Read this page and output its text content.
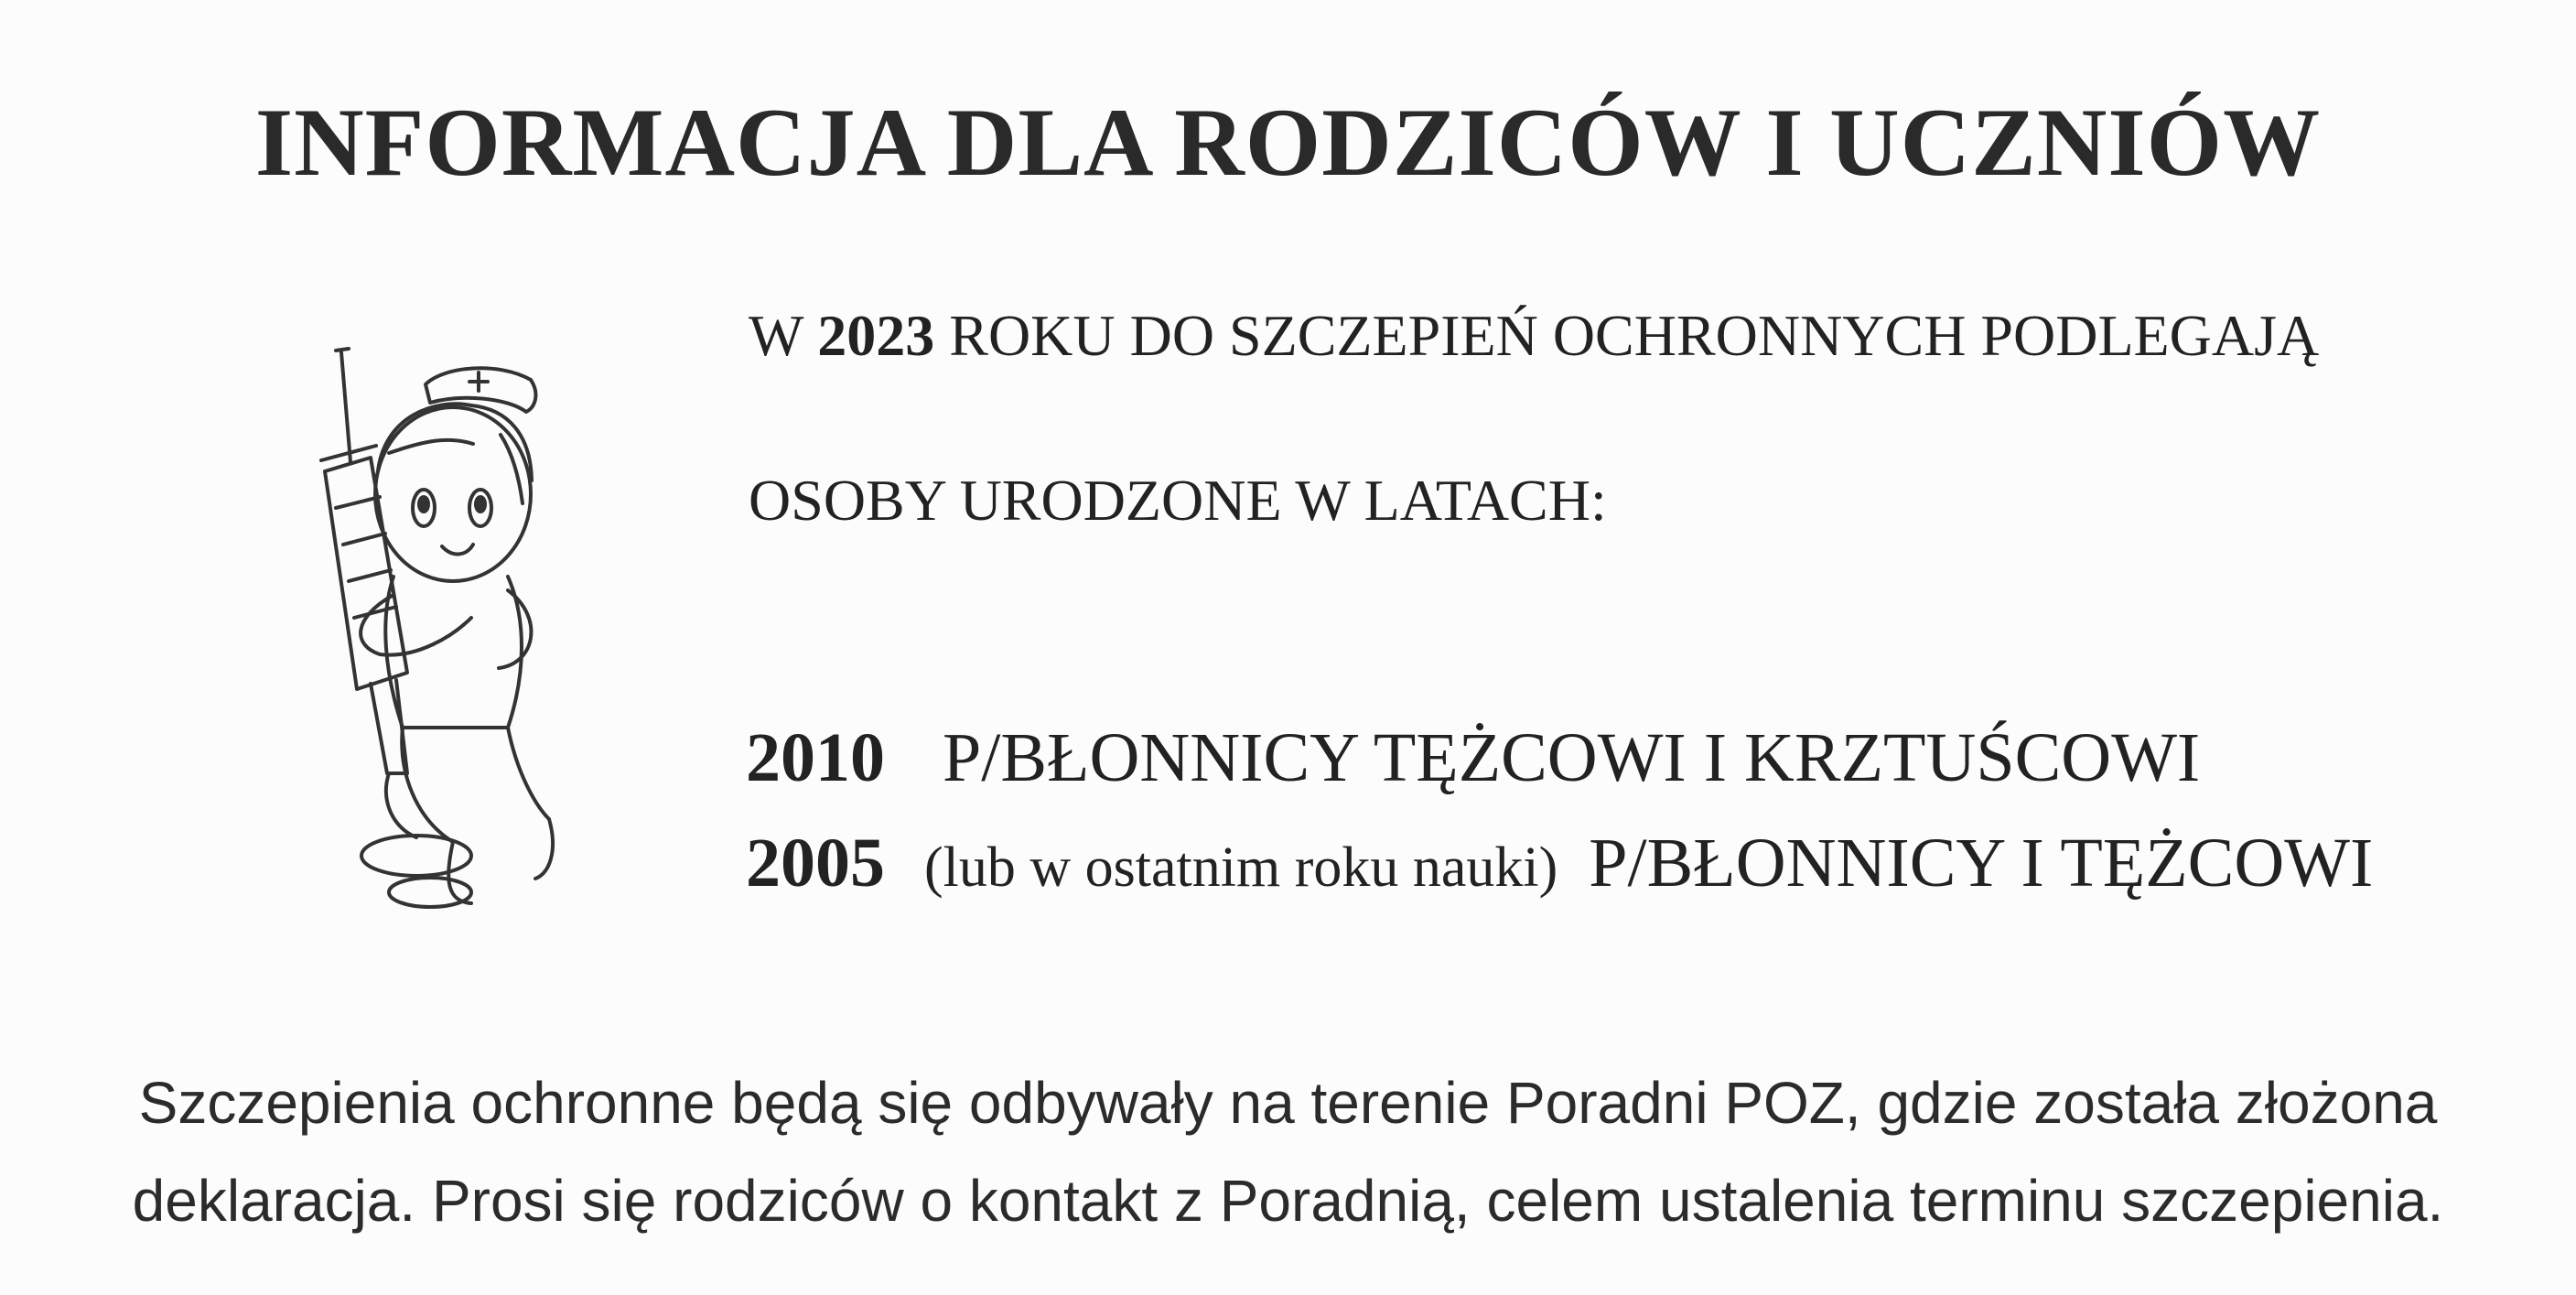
INFORMACJA DLA RODZICÓW I UCZNIÓW
W 2023 ROKU DO SZCZEPIEŃ OCHRONNYCH PODLEGAJĄ
OSOBY URODZONE W LATACH:
2010 P/BŁONNICY TĘŻCOWI I KRZTUŚCOWI
2005 (lub w ostatnim roku nauki) P/BŁONNICY I TĘŻCOWI
Szczepienia ochronne będą się odbywały na terenie Poradni POZ, gdzie została złożona
deklaracja. Prosi się rodziców o kontakt z Poradnią, celem ustalenia terminu szczepienia.
